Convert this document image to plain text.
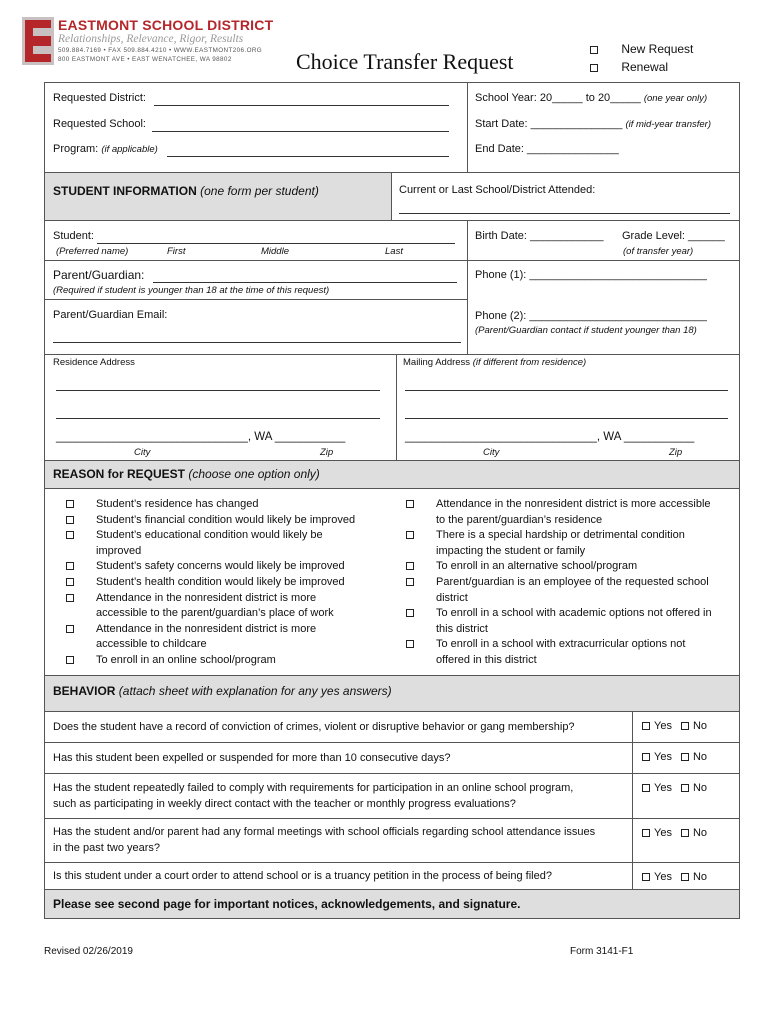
EASTMONT SCHOOL DISTRICT
Relationships, Relevance, Rigor, Results
509.884.7169 • FAX 509.884.4210 • WWW.EASTMONT206.ORG
800 EASTMONT AVE • EAST WENATCHEE, WA 98802	Choice Transfer Request	New Request
Renewal
Requested District:
Requested School:
Program: (if applicable)
School Year: 20_____ to 20_____ (one year only)
Start Date: _______________ (if mid-year transfer)
End Date: _______________
STUDENT INFORMATION (one form per student)	Current or Last School/District Attended:
Student:
(Preferred name)	First	Middle	Last
Birth Date: ____________ Grade Level: ______
(of transfer year)
Parent/Guardian:
(Required if student is younger than 18 at the time of this request)
Phone (1): _____________________________
Parent/Guardian Email:	Phone (2): _____________________________
(Parent/Guardian contact if student younger than 18)
Residence Address	Mailing Address (if different from residence)
______________________________, WA ___________
City	Zip
______________________________, WA ___________
City	Zip
REASON for REQUEST (choose one option only)
Student’s residence has changed
Student’s financial condition would likely be improved
Student’s educational condition would likely be
improved
Student’s safety concerns would likely be improved
Student’s health condition would likely be improved
Attendance in the nonresident district is more
accessible to the parent/guardian’s place of work
Attendance in the nonresident district is more
accessible to childcare
To enroll in an online school/program
Attendance in the nonresident district is more accessible
to the parent/guardian’s residence
There is a special hardship or detrimental condition
impacting the student or family
To enroll in an alternative school/program
Parent/guardian is an employee of the requested school
district
To enroll in a school with academic options not offered in
this district
To enroll in a school with extracurricular options not
offered in this district
BEHAVIOR (attach sheet with explanation for any yes answers)
Does the student have a record of conviction of crimes, violent or disruptive behavior or gang membership?	Yes No
Has this student been expelled or suspended for more than 10 consecutive days?	Yes No
Has the student repeatedly failed to comply with requirements for participation in an online school program,
such as participating in weekly direct contact with the teacher or monthly progress evaluations?
Yes No
Has the student and/or parent had any formal meetings with school officials regarding school attendance issues
in the past two years?
Yes No
Is this student under a court order to attend school or is a truancy petition in the process of being filed?	Yes No
Please see second page for important notices, acknowledgements, and signature.
Revised 02/26/2019	Form 3141-F1
